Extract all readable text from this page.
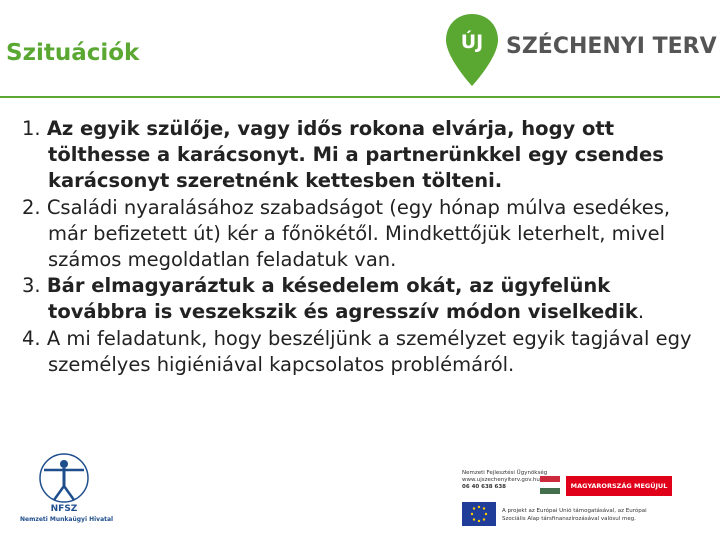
Szituációk	ÚJ SZÉCHENYI TERV
1. Az egyik szülője, vagy idős rokona elvárja, hogy ott tölthesse a karácsonyt. Mi a partnerünkkel egy csendes karácsonyt szeretnénk kettesben tölteni.
2. Családi nyaralásához szabadságot (egy hónap múlva esedékes, már befizetett út) kér a főnökétől. Mindkettőjük leterhelt, mivel számos megoldatlan feladatuk van.
3. Bár elmagyaráztuk a késedelem okát, az ügyfelünk továbbra is veszekszik és agresszív módon viselkedik.
4. A mi feladatunk, hogy beszéljünk a személyzet egyik tagjával egy személyes higiéniával kapcsolatos problémáról.
NFSZ
Nemzeti Munkaügyi Hivatal
Nemzeti Fejlesztési Ügynökség
www.ujszechenyiterv.gov.hu
06 40 638 638	MAGYARORSZÁG MEGÚJUL
A projekt az Európai Unió támogatásával, az Európai
Szociális Alap társfinanszírozásával valósul meg.
